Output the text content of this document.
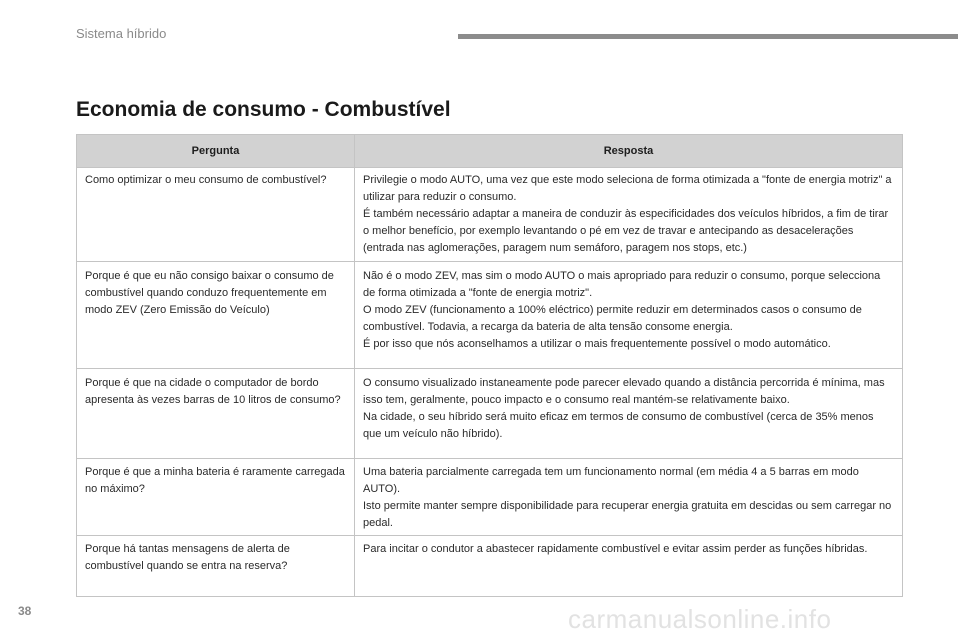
Sistema híbrido
Economia de consumo - Combustível
Pergunta	Resposta
Como optimizar o meu consumo de combustível?	Privilegie o modo AUTO, uma vez que este modo seleciona de forma otimizada a "fonte de energia motriz" a utilizar para reduzir o consumo.

É também necessário adaptar a maneira de conduzir às especificidades dos veículos híbridos, a fim de tirar o melhor benefício, por exemplo levantando o pé em vez de travar e antecipando as desacelerações (entrada nas aglomerações, paragem num semáforo, paragem nos stops, etc.)

Porque é que eu não consigo baixar o consumo de combustível quando conduzo frequentemente em modo ZEV (Zero Emissão do Veículo)	Não é o modo ZEV, mas sim o modo AUTO o mais apropriado para reduzir o consumo, porque selecciona de forma otimizada a "fonte de energia motriz".

O modo ZEV (funcionamento a 100% eléctrico) permite reduzir em determinados casos o consumo de combustível. Todavia, a recarga da bateria de alta tensão consome energia.

É por isso que nós aconselhamos a utilizar o mais frequentemente possível o modo automático.

Porque é que na cidade o computador de bordo apresenta às vezes barras de 10 litros de consumo?	O consumo visualizado instaneamente pode parecer elevado quando a distância percorrida é mínima, mas isso tem, geralmente, pouco impacto e o consumo real mantém-se relativamente baixo.

Na cidade, o seu híbrido será muito eficaz em termos de consumo de combustível (cerca de 35% menos que um veículo não híbrido).

Porque é que a minha bateria é raramente carregada no máximo?	Uma bateria parcialmente carregada tem um funcionamento normal (em média 4 a 5 barras em modo AUTO).

Isto permite manter sempre disponibilidade para recuperar energia gratuita em descidas ou sem carregar no pedal.

Porque há tantas mensagens de alerta de combustível quando se entra na reserva?	Para incitar o condutor a abastecer rapidamente combustível e evitar assim perder as funções híbridas.

38	carmanualsonline.info
